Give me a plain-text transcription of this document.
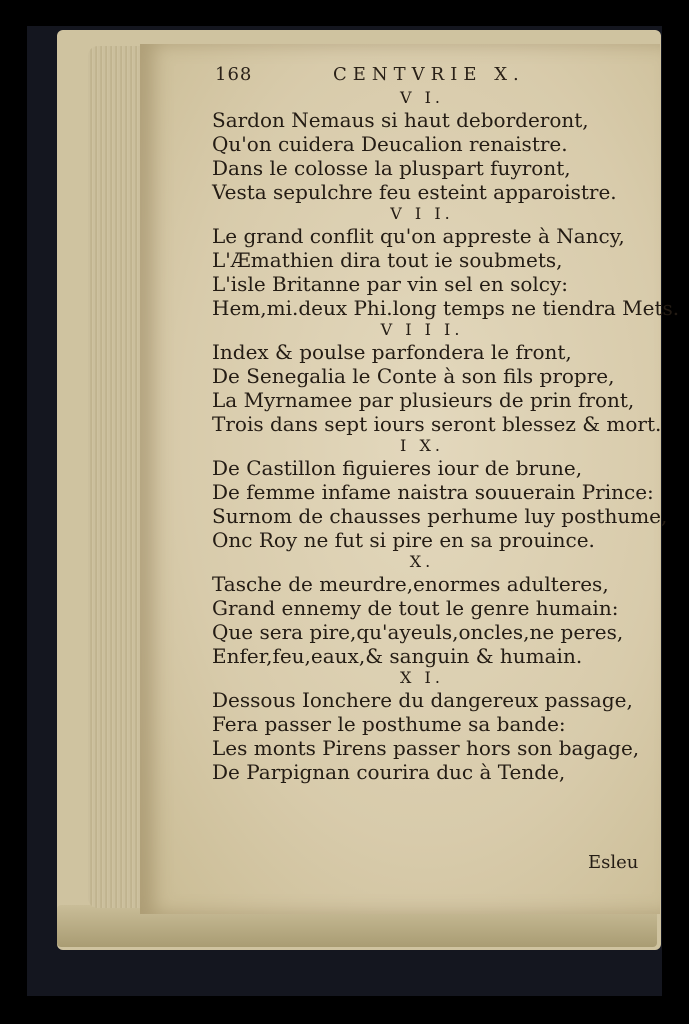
168	CENTVRIE X.
V I.
Sardon Nemaus si haut deborderont,
Qu'on cuidera Deucalion renaistre.
Dans le colosse la pluspart fuyront,
Vesta sepulchre feu esteint apparoistre.
V I I.
Le grand conflit qu'on appreste à Nancy,
L'Æmathien dira tout ie soubmets,
L'isle Britanne par vin sel en solcy:
Hem,mi.deux Phi.long temps ne tiendra Mets.
V I I I.
Index & poulse parfondera le front,
De Senegalia le Conte à son fils propre,
La Myrnamee par plusieurs de prin front,
Trois dans sept iours seront blessez & mort.
I X.
De Castillon figuieres iour de brune,
De femme infame naistra souuerain Prince:
Surnom de chausses perhume luy posthume,
Onc Roy ne fut si pire en sa prouince.
X.
Tasche de meurdre,enormes adulteres,
Grand ennemy de tout le genre humain:
Que sera pire,qu'ayeuls,oncles,ne peres,
Enfer,feu,eaux,& sanguin & humain.
X I.
Dessous Ionchere du dangereux passage,
Fera passer le posthume sa bande:
Les monts Pirens passer hors son bagage,
De Parpignan courira duc à Tende,
Esleu
